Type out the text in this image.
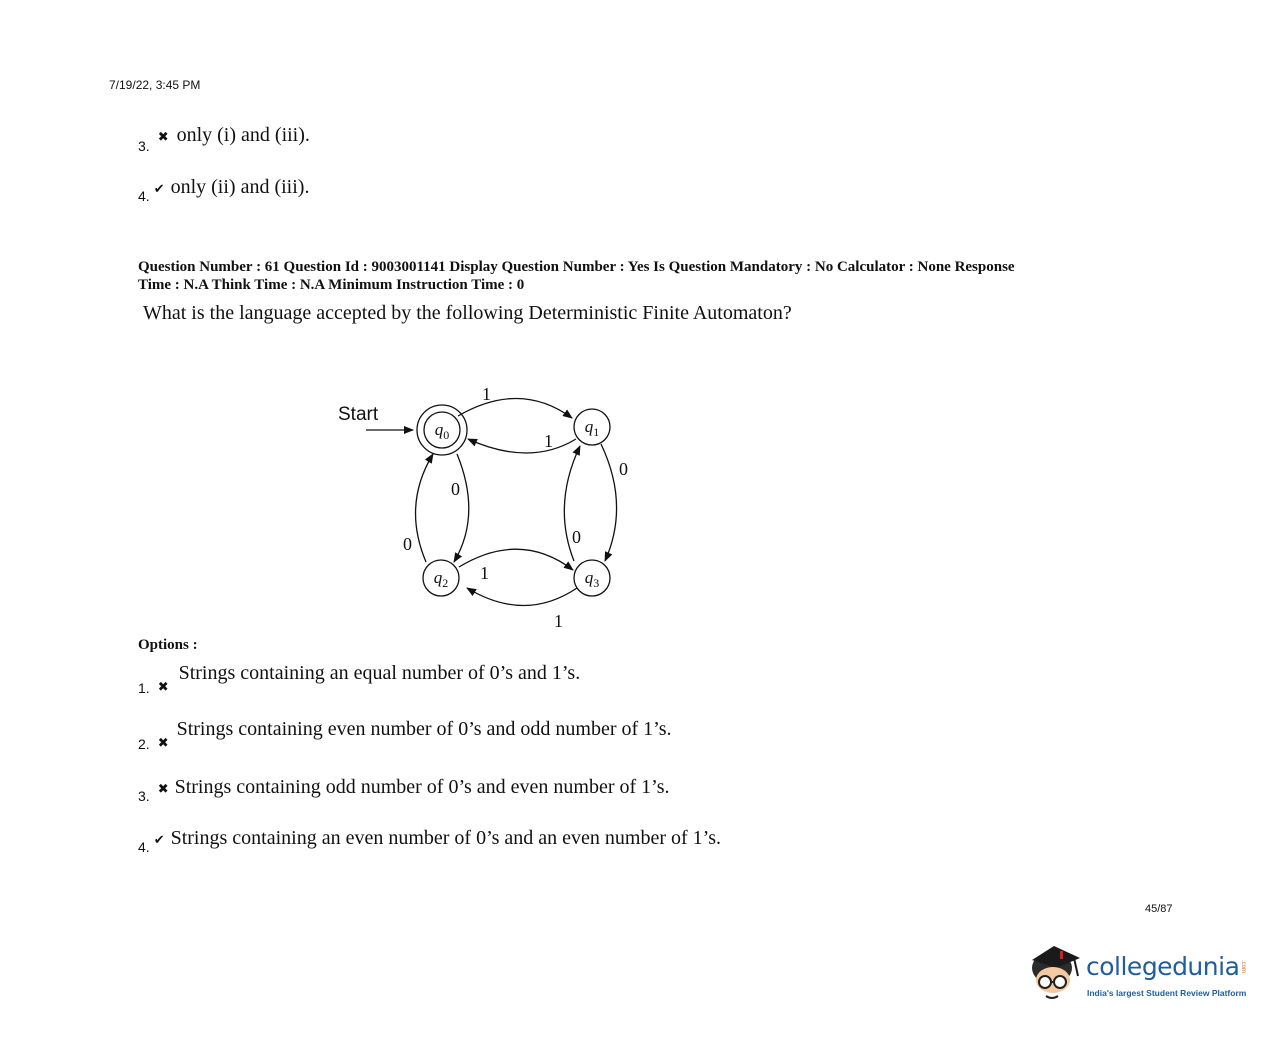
7/19/22, 3:45 PM
3. ✖ only (i) and (iii).
4. ✔ only (ii) and (iii).
Question Number : 61 Question Id : 9003001141 Display Question Number : Yes Is Question Mandatory : No Calculator : None Response
Time : N.A Think Time : N.A Minimum Instruction Time : 0
What is the language accepted by the following Deterministic Finite Automaton?
Start
$q_0$	$q_1$
$q_2$	$q_3$
1
1
0
0
0
0
1
1
Options :
1. $_✖$ Strings containing an equal number of 0’s and 1’s.
2. $_✖$ Strings containing even number of 0’s and odd number of 1’s.
3. ✖ Strings containing odd number of 0’s and even number of 1’s.
4. ✔ Strings containing an even number of 0’s and an even number of 1’s.
45/87
collegedunia .com
India's largest Student Review Platform
